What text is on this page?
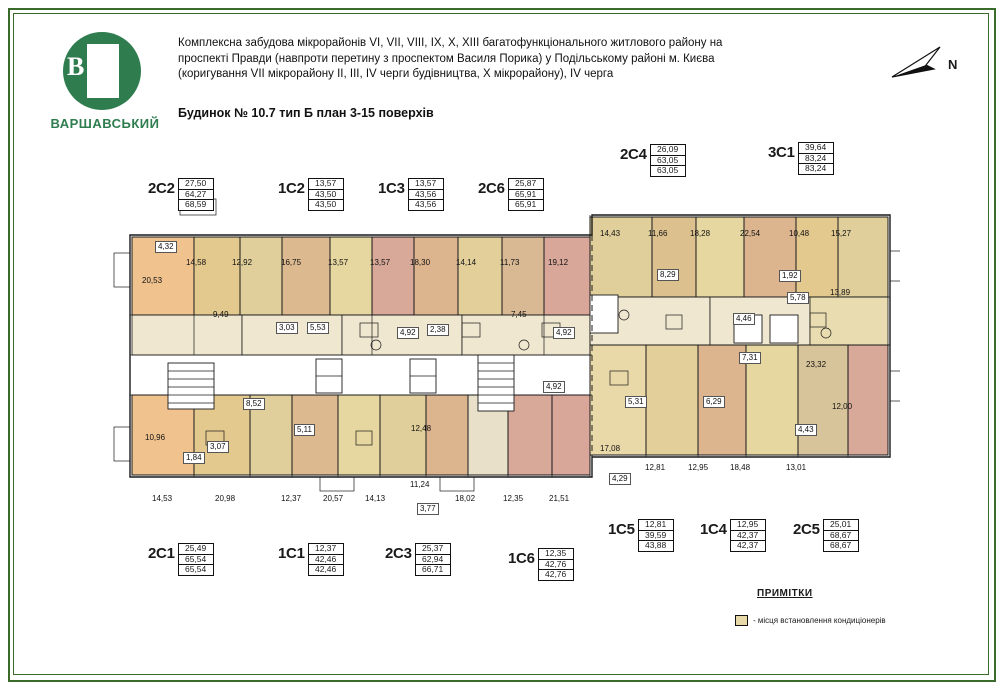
В З
ВАРШАВСЬКИЙ
Комплексна забудова мікрорайонів VI, VII, VIII, IX, X, XIII багатофункціонального житлового району на
проспекті Правди (навпроти перетину з проспектом Василя Порика) у Подільському районі м. Києва
(коригування VII мікрорайону II, III, IV черги будівництва, X мікрорайону), IV черга
Будинок № 10.7 тип Б план 3-15 поверхів
N
2С2	27,50
64,27
68,59
1С2	13,57
43,50
43,50
1С3	13,57
43,56
43,56
2С6	25,87
65,91
65,91
2С4	26,09
63,05
63,05
3С1	39,64
83,24
83,24
2С1	25,49
65,54
65,54
1С1	12,37
42,46
42,46
2С3	25,37
62,94
66,71
1С6	12,35
42,76
42,76
1С5	12,81
39,59
43,88
1С4	12,95
42,37
42,37
2С5	25,01
68,67
68,67
4,32
20,53
14,58	12,92	16,75	13,57	13,57 18,30	14,14	11,73	19,12
9,49
3,03	5,53
4,92	2,38
7,45
4,92
4,92
8,52
5,11	12,48
10,96
1,84
3,07
14,53	20,98	12,37	20,57	14,13
11,24
3,77
18,02	12,35	21,51
17,08
4,29
5,31	6,29
12,81	12,95	18,48	13,01
14,43	11,66	18,28	22,54	10,48	15,27
8,29	1,92
5,78
13,89
4,46
7,31
23,32
12,00
4,43
ПРИМІТКИ
- місця встановлення кондиціонерів
